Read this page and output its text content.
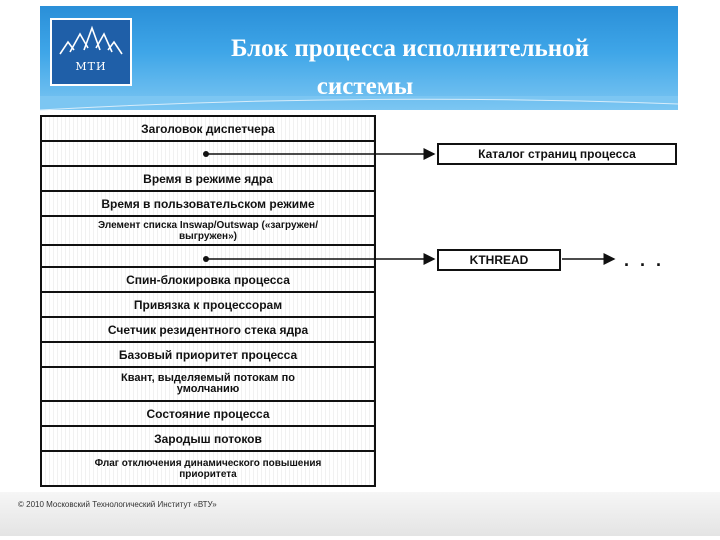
МТИ
Блок процесса исполнительной
системы
Заголовок диспетчера
Время в режиме ядра
Время в пользовательском режиме
Элемент списка Inswap/Outswap («загружен/выгружен»)
Спин-блокировка процесса
Привязка к процессорам
Счетчик резидентного стека ядра
Базовый приоритет процесса
Квант, выделяемый потокам по умолчанию
Состояние процесса
Зародыш потоков
Флаг отключения динамического повышения приоритета
Каталог страниц процесса
KTHREAD	. . .
© 2010 Московский Технологический Институт «ВТУ»
